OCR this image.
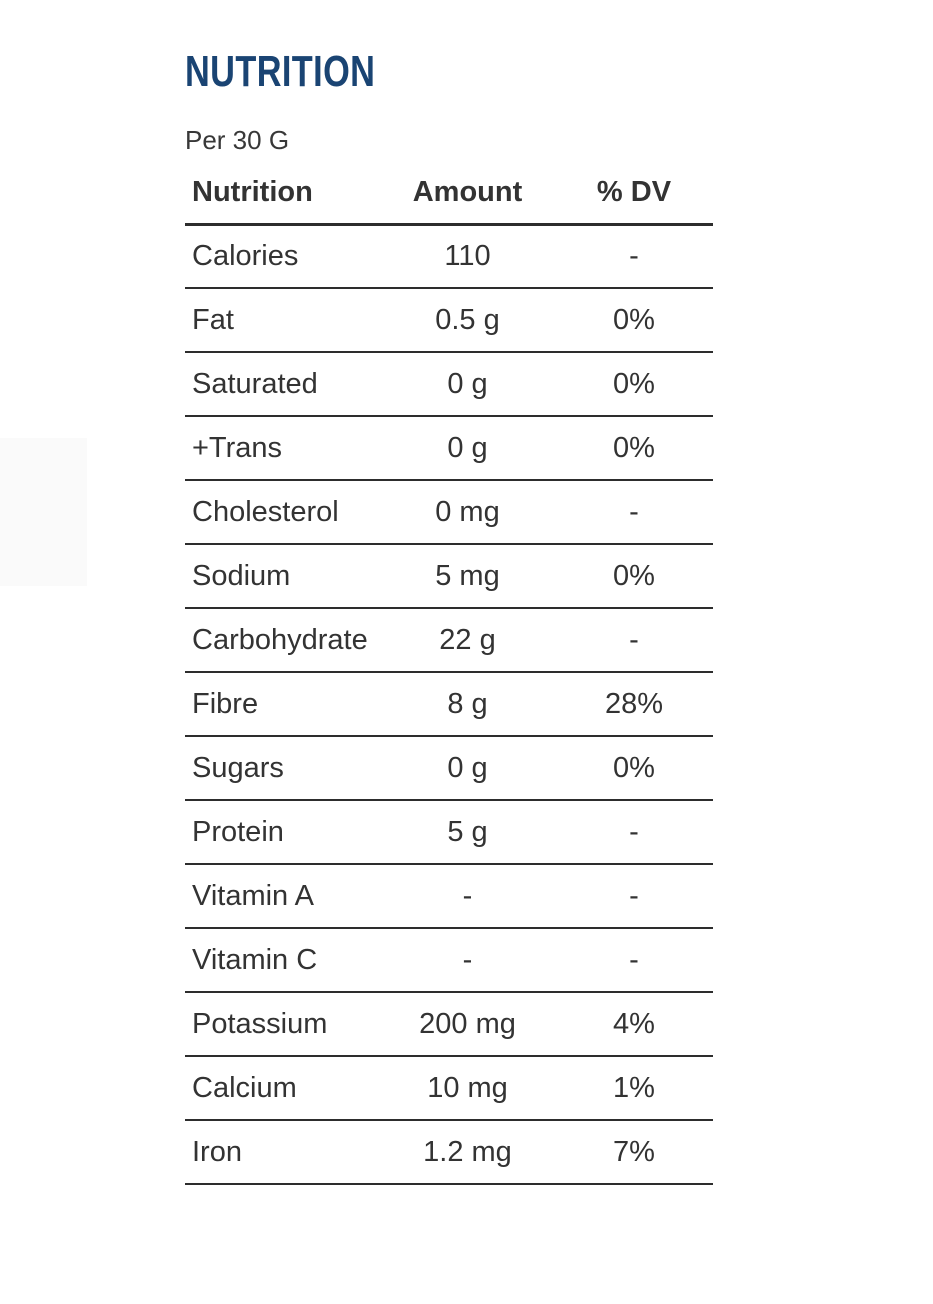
NUTRITION
Per 30 G
Nutrition	Amount	% DV
Calories	110	-
Fat	0.5 g	0%
Saturated	0 g	0%
+Trans	0 g	0%
Cholesterol	0 mg	-
Sodium	5 mg	0%
Carbohydrate	22 g	-
Fibre	8 g	28%
Sugars	0 g	0%
Protein	5 g	-
Vitamin A	-	-
Vitamin C	-	-
Potassium	200 mg	4%
Calcium	10 mg	1%
Iron	1.2 mg	7%
